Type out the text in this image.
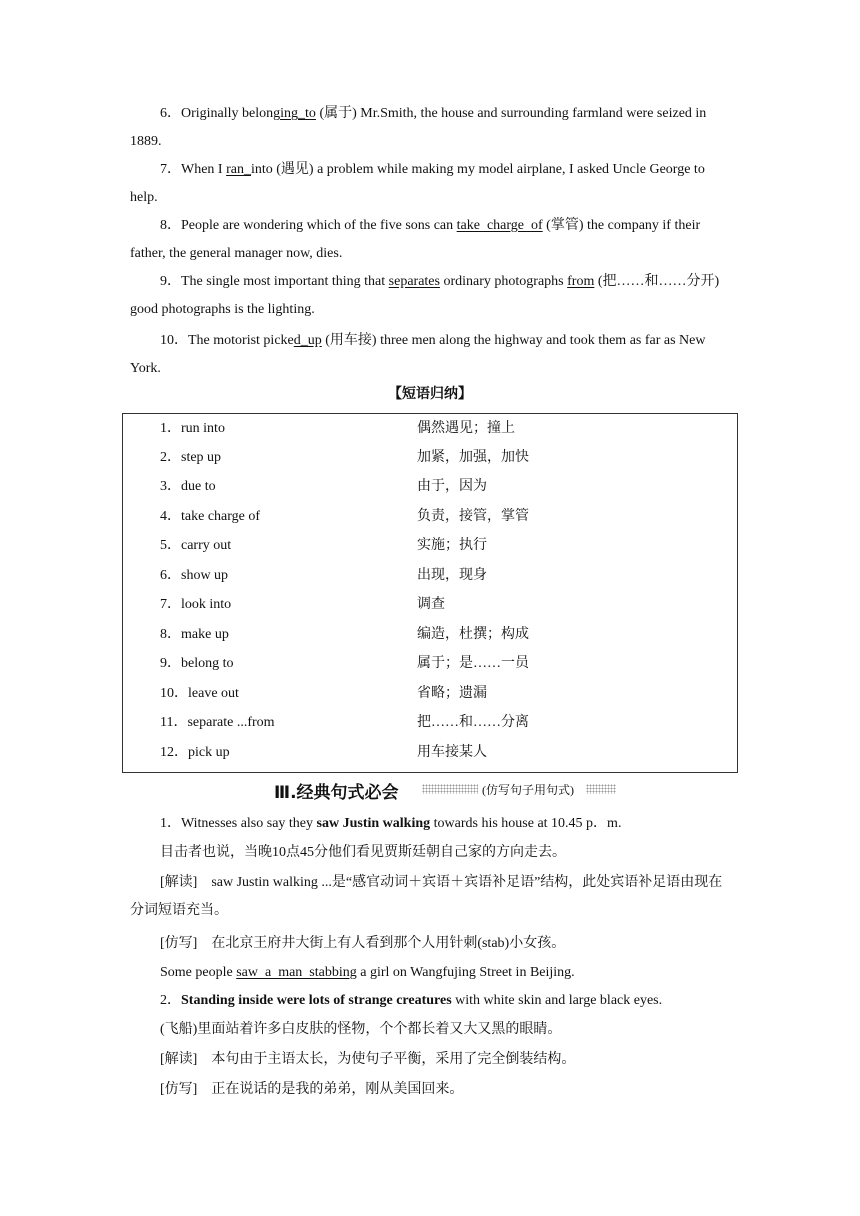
6．Originally belonging_to (属于) Mr.Smith, the house and surrounding farmland were seized in 1889.

7．When I ran_into (遇见) a problem while making my model airplane, I asked Uncle George to help.

8．People are wondering which of the five sons can take  charge  of (掌管) the company if their father, the general manager now, dies.

9．The single most important thing that separates ordinary photographs from (把……和……分开) good photographs is the lighting.

10．The motorist picked_up (用车接) three men along the highway and took them as far as New York.

【短语归纳】
1．run into	偶然遇见；撞上
2．step up	加紧，加强，加快
3．due to	由于，因为
4．take charge of	负责，接管，掌管
5．carry out	实施；执行
6．show up	出现，现身
7．look into	调查
8．make up	编造，杜撰；构成
9．belong to	属于；是……一员
10．leave out	省略；遗漏
11．separate ...from	把……和……分离
12．pick up	用车接某人
Ⅲ.经典句式必会	(仿写句子用句式)

1．Witnesses also say they saw Justin walking towards his house at 10.45 p．m.

目击者也说，当晚10点45分他们看见贾斯廷朝自己家的方向走去。

[解读]　 saw Justin walking ...是“感官动词＋宾语＋宾语补足语”结构，此处宾语补足语由现在分词短语充当。

[仿写]　 在北京王府井大街上有人看到那个人用针刺(stab)小女孩。

Some people saw  a  man  stabbing a girl on Wangfujing Street in Beijing.

2．Standing inside were lots of strange creatures with white skin and large black eyes.

(飞船)里面站着许多白皮肤的怪物，个个都长着又大又黑的眼睛。

[解读]　 本句由于主语太长，为使句子平衡，采用了完全倒装结构。

[仿写]　 正在说话的是我的弟弟，刚从美国回来。
